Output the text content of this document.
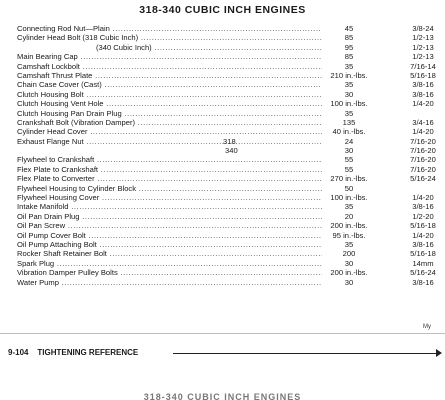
318-340 CUBIC INCH ENGINES
Connecting Rod Nut—Plain .....	45	3/8-24
Cylinder Head Bolt (318 Cubic Inch) .....	85	1/2-13
(340 Cubic Inch) .....	95	1/2-13
Main Bearing Cap .....	85	1/2-13
Camshaft Lockbolt .....	35	7/16-14
Camshaft Thrust Plate .....	210 in.-lbs.	5/16-18
Chain Case Cover (Cast) .....	35	3/8-16
Clutch Housing Bolt .....	30	3/8-16
Clutch Housing Vent Hole .....	100 in.-lbs.	1/4-20
Clutch Housing Pan Drain Plug .....	35
Crankshaft Bolt (Vibration Damper) .....	135	3/4-16
Cylinder Head Cover .....	40 in.-lbs.	1/4-20
Exhaust Flange Nut .....	318	24	7/16-20
340	30	7/16-20
Flywheel to Crankshaft .....	55	7/16-20
Flex Plate to Crankshaft .....	55	7/16-20
Flex Plate to Converter .....	270 in.-lbs.	5/16-24
Flywheel Housing to Cylinder Block .....	50
Flywheel Housing Cover .....	100 in.-lbs.	1/4-20
Intake Manifold .....	35	3/8-16
Oil Pan Drain Plug .....	20	1/2-20
Oil Pan Screw .....	200 in.-lbs.	5/16-18
Oil Pump Cover Bolt .....	95 in.-lbs.	1/4-20
Oil Pump Attaching Bolt .....	35	3/8-16
Rocker Shaft Retainer Bolt .....	200	5/16-18
Spark Plug .....	30	14mm
Vibration Damper Pulley Bolts .....	200 in.-lbs.	5/16-24
Water Pump .....	30	3/8-16
My
9-104 TIGHTENING REFERENCE
318-340 CUBIC INCH ENGINES
